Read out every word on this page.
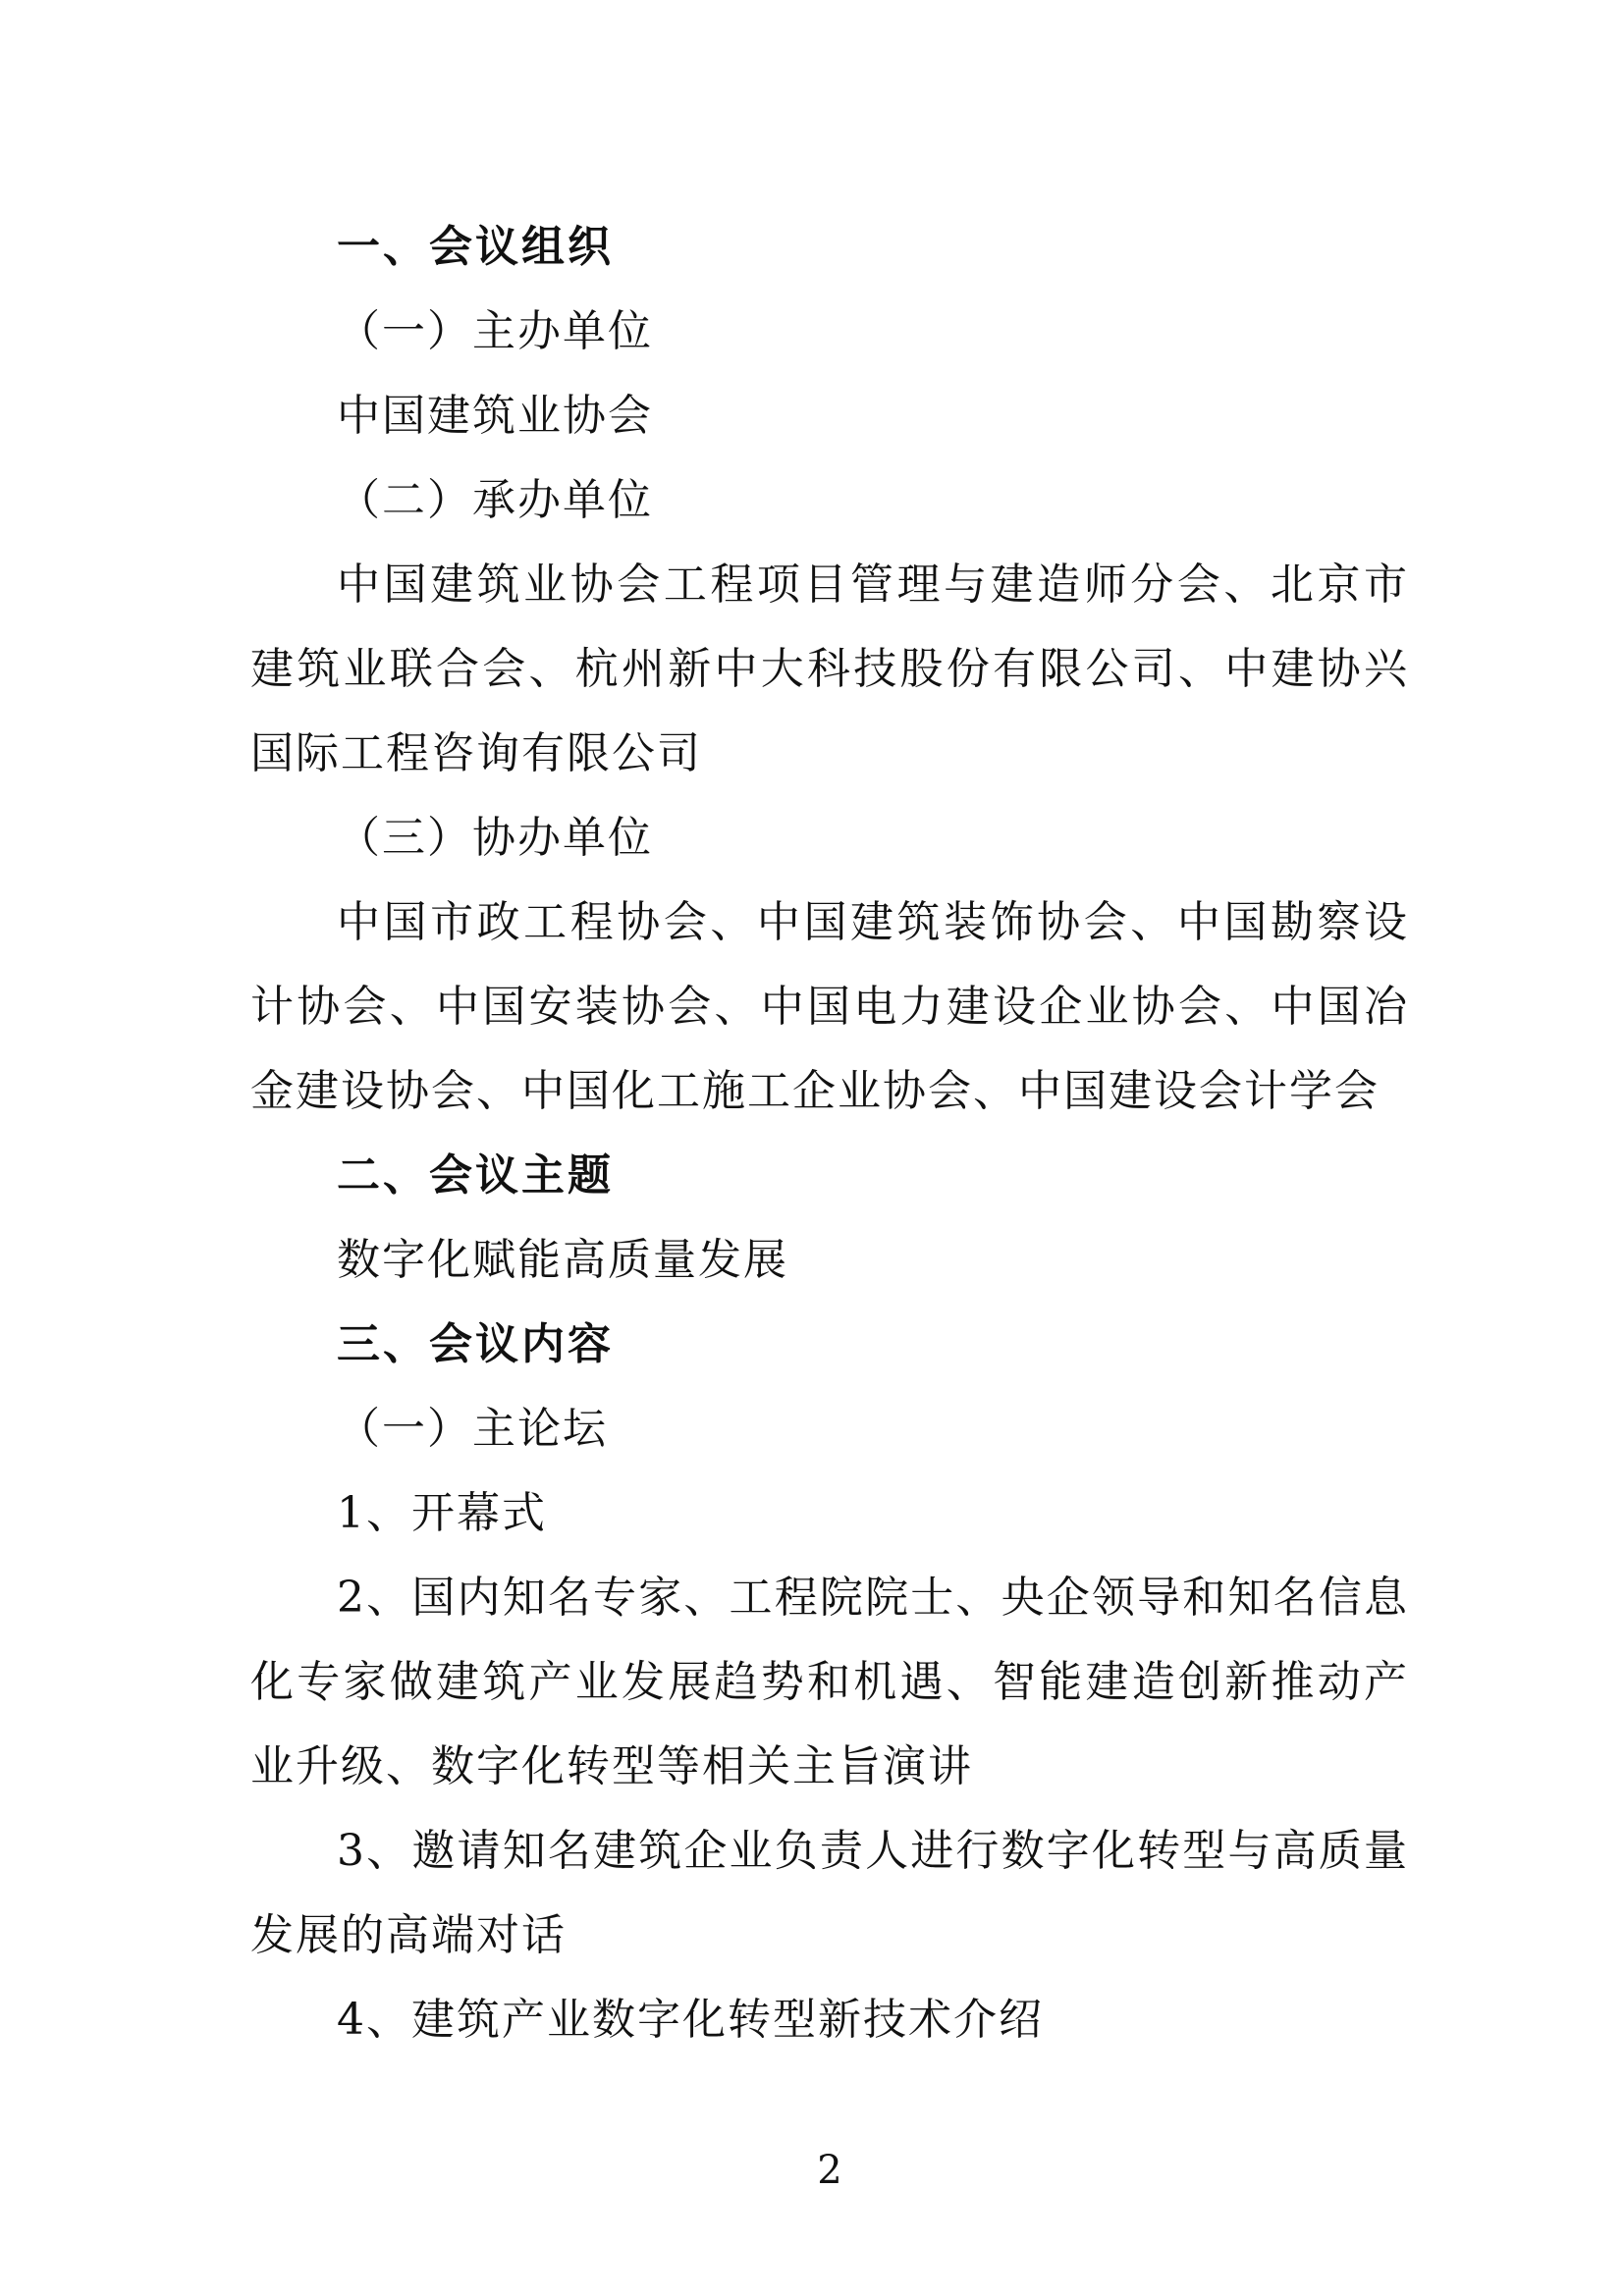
一、会议组织

（一）主办单位

中国建筑业协会

（二）承办单位

中国建筑业协会工程项目管理与建造师分会、北京市建筑业联合会、杭州新中大科技股份有限公司、中建协兴国际工程咨询有限公司

（三）协办单位

中国市政工程协会、中国建筑装饰协会、中国勘察设计协会、中国安装协会、中国电力建设企业协会、中国冶金建设协会、中国化工施工企业协会、中国建设会计学会

二、会议主题

数字化赋能高质量发展

三、会议内容

（一）主论坛

1、开幕式

2、国内知名专家、工程院院士、央企领导和知名信息化专家做建筑产业发展趋势和机遇、智能建造创新推动产业升级、数字化转型等相关主旨演讲

3、邀请知名建筑企业负责人进行数字化转型与高质量发展的高端对话

4、建筑产业数字化转型新技术介绍

2
